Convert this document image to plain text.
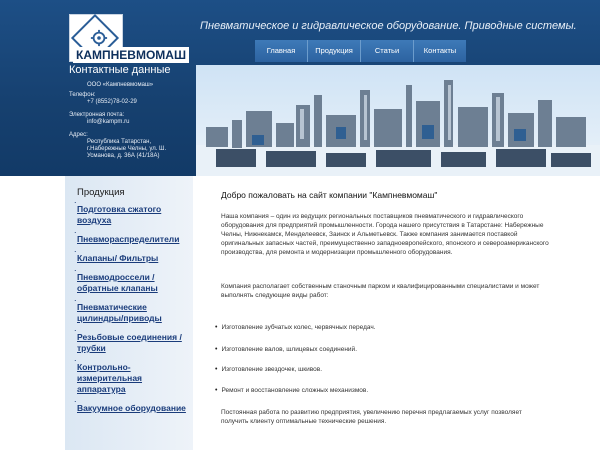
КАМПНЕВМОМАШ
Пневматическое и гидравлическое оборудование. Приводные системы.
Главная	Продукция	Статьи	Контакты
Контактные данные
ООО «Кампневмомаш»
Телефон:
+7 (8552)78-02-29
Электронная почта:
info@kampm.ru
Адрес:
Республика Татарстан,
г.Набережные Челны, ул. Ш.
Усманова, д. 36А (41/18А)
Продукция
. Подготовка сжатого воздуха
. Пневмораспределители
. Клапаны/ Фильтры
. Пневмодроссели / обратные клапаны
. Пневматические цилиндры/приводы
. Резьбовые соединения / трубки
. Контрольно-измерительная аппаратура
. Вакуумное оборудование
Добро пожаловать на сайт компании "Кампневмомаш"
Наша компания – один из ведущих региональных поставщиков пневматического и гидравлического оборудования для предприятий промышленности. Города нашего присутствия в Татарстане: Набережные Челны, Нижнекамск, Менделеевск, Заинск и Альметьевск. Также компания занимается поставкой оригинальных запасных частей, преимущественно западноевропейского, японского и североамериканского производства, для ремонта и модернизации промышленного оборудования.
Компания располагает собственным станочным парком и квалифицированными специалистами и может выполнять следующие виды работ:
• Изготовление зубчатых колес, червячных передач.
• Изготовление валов, шлицевых соединений.
• Изготовление звездочек, шкивов.
• Ремонт и восстановление сложных механизмов.
Постоянная работа по развитию предприятия, увеличению перечня предлагаемых услуг позволяет получить клиенту оптимальные технические решения.
